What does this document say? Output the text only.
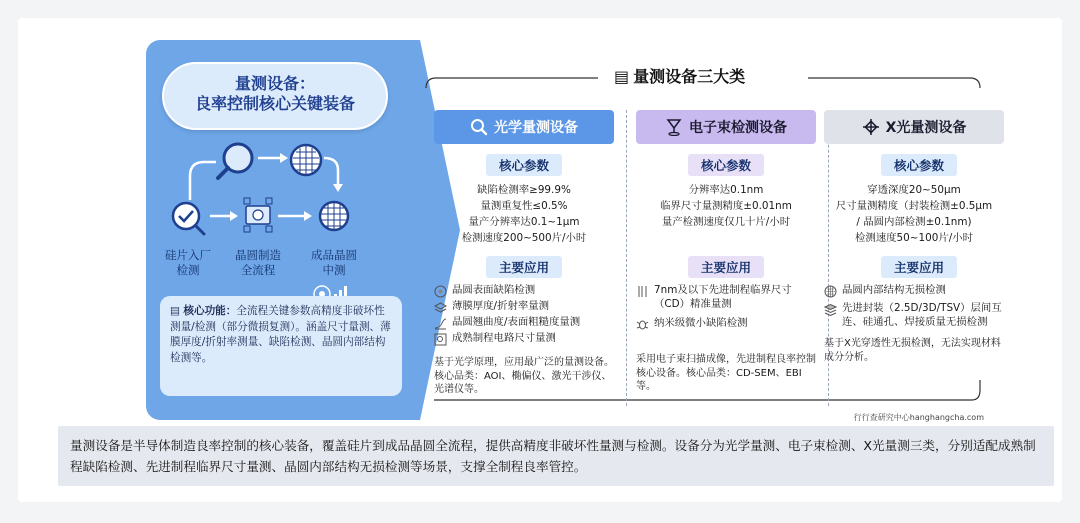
量测设备：
良率控制核心关键装备
硅片入厂
检测
晶圆制造
全流程
成品晶圆
中测
▤ 核心功能：全流程关键参数高精度非破坏性测量/检测（部分微损复测）。涵盖尺寸量测、薄膜厚度/折射率测量、缺陷检测、晶圆内部结构检测等。
▤ 量测设备三大类
光学量测设备
核心参数
缺陷检测率≥99.9%
量测重复性≤0.5%
量产分辨率达0.1~1μm
检测速度200~500片/小时
主要应用
晶圆表面缺陷检测
薄膜厚度/折射率量测
晶圆翘曲度/表面粗糙度量测
成熟制程电路尺寸量测
基于光学原理，应用最广泛的量测设备。核心品类：AOI、椭偏仪、激光干涉仪、光谱仪等。
电子束检测设备
核心参数
分辨率达0.1nm
临界尺寸量测精度±0.01nm
量产检测速度仅几十片/小时
主要应用
7nm及以下先进制程临界尺寸（CD）精准量测
纳米级微小缺陷检测
采用电子束扫描成像，先进制程良率控制核心设备。核心品类：CD-SEM、EBI等。
X光量测设备
核心参数
穿透深度20~50μm
尺寸量测精度（封装检测±0.5μm
/ 晶圆内部检测±0.1nm)
检测速度50~100片/小时
主要应用
晶圆内部结构无损检测
先进封装（2.5D/3D/TSV）层间互连、硅通孔、焊接质量无损检测
基于X光穿透性无损检测，无法实现材料成分分析。
行行查研究中心hanghangcha.com
量测设备是半导体制造良率控制的核心装备，覆盖硅片到成品晶圆全流程，提供高精度非破坏性量测与检测。设备分为光学量测、电子束检测、X光量测三类，分别适配成熟制程缺陷检测、先进制程临界尺寸量测、晶圆内部结构无损检测等场景，支撑全制程良率管控。
